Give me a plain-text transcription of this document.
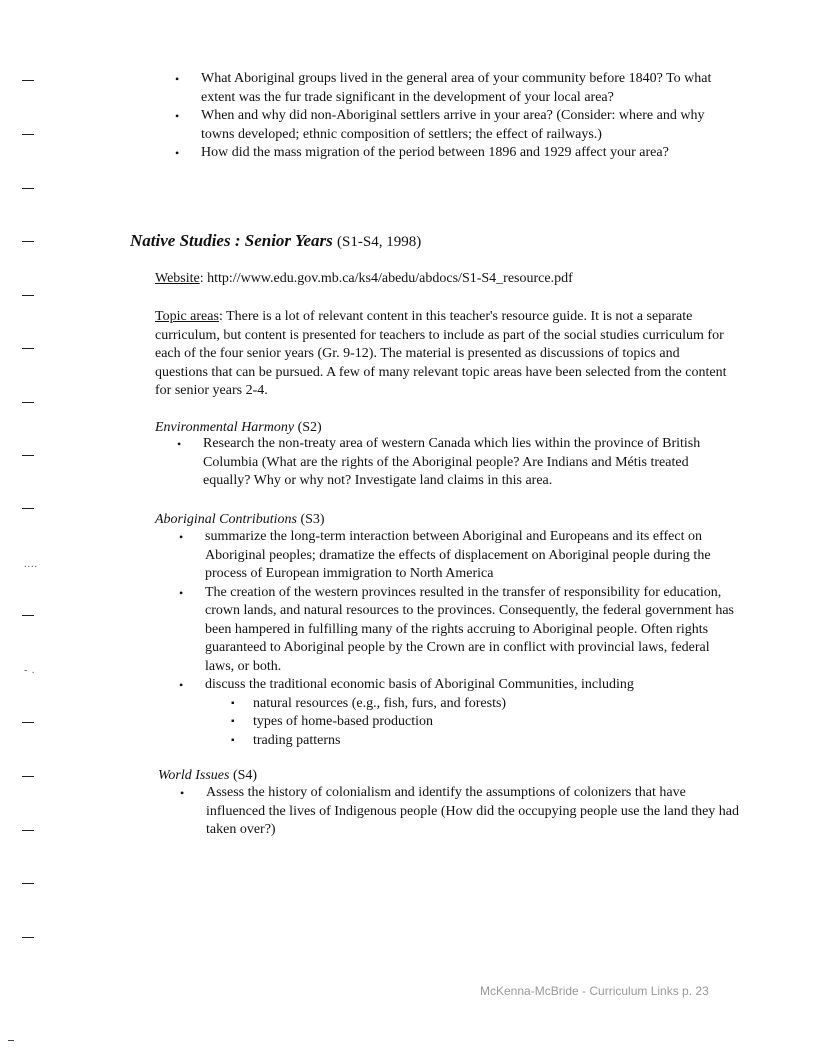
....
- .
• What Aboriginal groups lived in the general area of your community before 1840? To what extent was the fur trade significant in the development of your local area?
• When and why did non-Aboriginal settlers arrive in your area? (Consider: where and why towns developed; ethnic composition of settlers; the effect of railways.)
• How did the mass migration of the period between 1896 and 1929 affect your area?
Native Studies : Senior Years (S1-S4, 1998)
Website: http://www.edu.gov.mb.ca/ks4/abedu/abdocs/S1-S4_resource.pdf
Topic areas: There is a lot of relevant content in this teacher's resource guide. It is not a separate curriculum, but content is presented for teachers to include as part of the social studies curriculum for each of the four senior years (Gr. 9-12). The material is presented as discussions of topics and questions that can be pursued. A few of many relevant topic areas have been selected from the content for senior years 2-4.
Environmental Harmony (S2)
• Research the non-treaty area of western Canada which lies within the province of British Columbia (What are the rights of the Aboriginal people? Are Indians and Métis treated equally? Why or why not? Investigate land claims in this area.
Aboriginal Contributions (S3)
• summarize the long-term interaction between Aboriginal and Europeans and its effect on Aboriginal peoples; dramatize the effects of displacement on Aboriginal people during the process of European immigration to North America
• The creation of the western provinces resulted in the transfer of responsibility for education, crown lands, and natural resources to the provinces. Consequently, the federal government has been hampered in fulfilling many of the rights accruing to Aboriginal people. Often rights guaranteed to Aboriginal people by the Crown are in conflict with provincial laws, federal laws, or both.
• discuss the traditional economic basis of Aboriginal Communities, including
▪ natural resources (e.g., fish, furs, and forests)
▪ types of home-based production
▪ trading patterns
World Issues (S4)
• Assess the history of colonialism and identify the assumptions of colonizers that have influenced the lives of Indigenous people (How did the occupying people use the land they had taken over?)
McKenna-McBride - Curriculum Links p. 23
